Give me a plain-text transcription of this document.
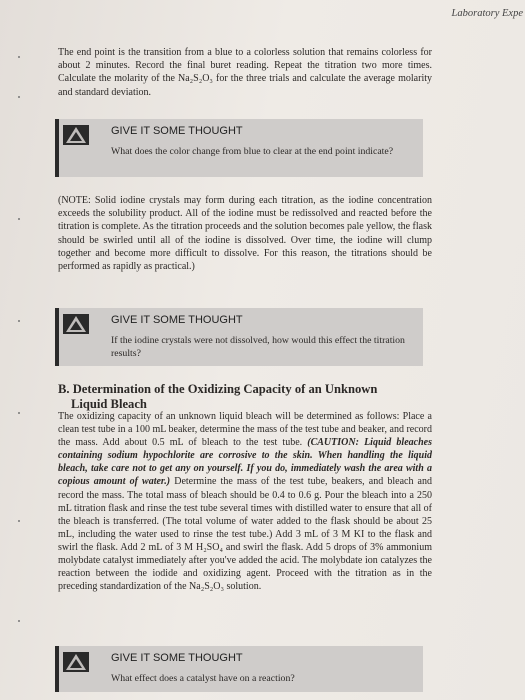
Laboratory Expe

The end point is the transition from a blue to a colorless solution that remains colorless for about 2 minutes. Record the final buret reading. Repeat the titration two more times. Calculate the molarity of the Na₂S₂O₃ for the three trials and calculate the average molarity and standard deviation.

GIVE IT SOME THOUGHT

What does the color change from blue to clear at the end point indicate?

(NOTE: Solid iodine crystals may form during each titration, as the iodine concentration exceeds the solubility product. All of the iodine must be redissolved and reacted before the titration is complete. As the titration proceeds and the solution becomes pale yellow, the flask should be swirled until all of the iodine is dissolved. Over time, the iodine will clump together and become more difficult to dissolve. For this reason, the titrations should be performed as rapidly as practical.)

GIVE IT SOME THOUGHT

If the iodine crystals were not dissolved, how would this effect the titration results?

B. Determination of the Oxidizing Capacity of an Unknown
Liquid Bleach

The oxidizing capacity of an unknown liquid bleach will be determined as follows: Place a clean test tube in a 100 mL beaker, determine the mass of the test tube and beaker, and record the mass. Add about 0.5 mL of bleach to the test tube. (CAUTION: Liquid bleaches containing sodium hypochlorite are corrosive to the skin. When handling the liquid bleach, take care not to get any on yourself. If you do, immediately wash the area with a copious amount of water.) Determine the mass of the test tube, beakers, and bleach and record the mass. The total mass of bleach should be 0.4 to 0.6 g. Pour the bleach into a 250 mL titration flask and rinse the test tube several times with distilled water to ensure that all of the bleach is transferred. (The total volume of water added to the flask should be about 25 mL, including the water used to rinse the test tube.) Add 3 mL of 3 M KI to the flask and swirl the flask. Add 2 mL of 3 M H₂SO₄ and swirl the flask. Add 5 drops of 3% ammonium molybdate catalyst immediately after you've added the acid. The molybdate ion catalyzes the reaction between the iodide and oxidizing agent. Proceed with the titration as in the preceding standardization of the Na₂S₂O₃ solution.

GIVE IT SOME THOUGHT

What effect does a catalyst have on a reaction?
